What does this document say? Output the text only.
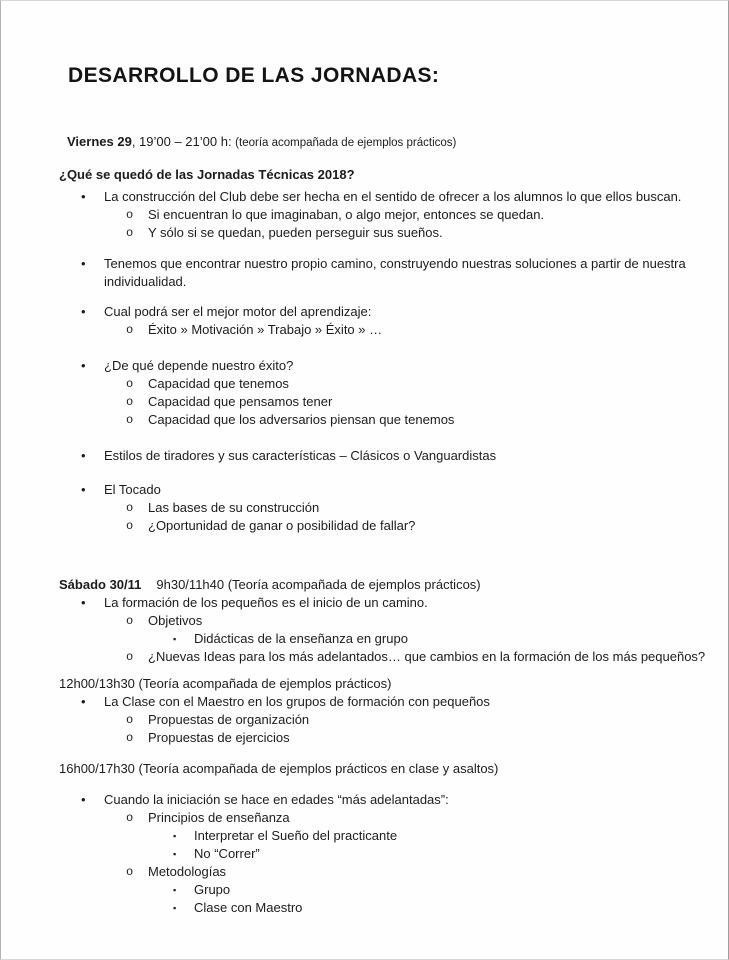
DESARROLLO DE LAS JORNADAS:

Viernes 29, 19’00 – 21’00 h: (teoría acompañada de ejemplos prácticos)

¿Qué se quedó de las Jornadas Técnicas 2018?

•	La construcción del Club debe ser hecha en el sentido de ofrecer a los alumnos lo que ellos buscan.
o	Si encuentran lo que imaginaban, o algo mejor, entonces se quedan.
o	Y sólo si se quedan, pueden perseguir sus sueños.
•	Tenemos que encontrar nuestro propio camino, construyendo nuestras soluciones a partir de nuestra individualidad.
•	Cual podrá ser el mejor motor del aprendizaje:
o	Éxito » Motivación » Trabajo » Éxito » …
•	¿De qué depende nuestro éxito?
o	Capacidad que tenemos
o	Capacidad que pensamos tener
o	Capacidad que los adversarios piensan que tenemos
•	Estilos de tiradores y sus características – Clásicos o Vanguardistas
•	El Tocado
o	Las bases de su construcción
o	¿Oportunidad de ganar o posibilidad de fallar?

Sábado 30/11 9h30/11h40 (Teoría acompañada de ejemplos prácticos)

•	La formación de los pequeños es el inicio de un camino.
o	Objetivos
▪	Didácticas de la enseñanza en grupo
o	¿Nuevas Ideas para los más adelantados… que cambios en la formación de los más pequeños?

12h00/13h30 (Teoría acompañada de ejemplos prácticos)

•	La Clase con el Maestro en los grupos de formación con pequeños
o	Propuestas de organización
o	Propuestas de ejercicios

16h00/17h30 (Teoría acompañada de ejemplos prácticos en clase y asaltos)

•	Cuando la iniciación se hace en edades “más adelantadas”:
o	Principios de enseñanza
▪	Interpretar el Sueño del practicante
▪	No “Correr”
o	Metodologías
▪	Grupo
▪	Clase con Maestro
